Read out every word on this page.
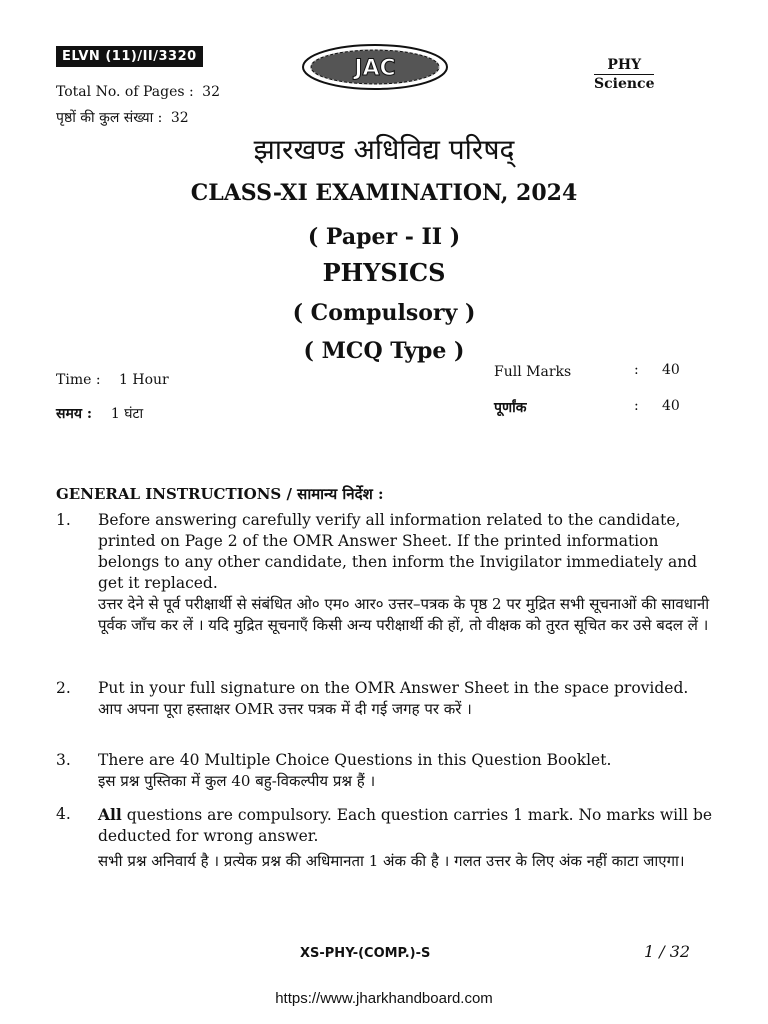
ELVN (11)/II/3320
Total No. of Pages : 32
पृष्ठों की कुल संख्या : 32
JAC	PHY
Science
झारखण्ड अधिविद्य परिषद्
CLASS-XI EXAMINATION, 2024
( Paper - II )
PHYSICS
( Compulsory )
( MCQ Type )
Time : 1 Hour
समय : 1 घंटा
Full Marks	: 40
पूर्णांक	: 40
GENERAL INSTRUCTIONS / सामान्य निर्देश :
1. Before answering carefully verify all information related to the candidate, printed on Page 2 of the OMR Answer Sheet. If the printed information belongs to any other candidate, then inform the Invigilator immediately and get it replaced.
उत्तर देने से पूर्व परीक्षार्थी से संबंधित ओ० एम० आर० उत्तर–पत्रक के पृष्ठ 2 पर मुद्रित सभी सूचनाओं की सावधानी पूर्वक जाँच कर लें । यदि मुद्रित सूचनाएँ किसी अन्य परीक्षार्थी की हों, तो वीक्षक को तुरत सूचित कर उसे बदल लें ।
2. Put in your full signature on the OMR Answer Sheet in the space provided.
आप अपना पूरा हस्ताक्षर OMR उत्तर पत्रक में दी गई जगह पर करें ।
3. There are 40 Multiple Choice Questions in this Question Booklet.
इस प्रश्न पुस्तिका में कुल 40 बहु-विकल्पीय प्रश्न हैं ।
4. All questions are compulsory. Each question carries 1 mark. No marks will be deducted for wrong answer.
सभी प्रश्न अनिवार्य है । प्रत्येक प्रश्न की अधिमानता 1 अंक की है । गलत उत्तर के लिए अंक नहीं काटा जाएगा।
XS-PHY-(COMP.)-S	1 / 32
https://www.jharkhandboard.com
